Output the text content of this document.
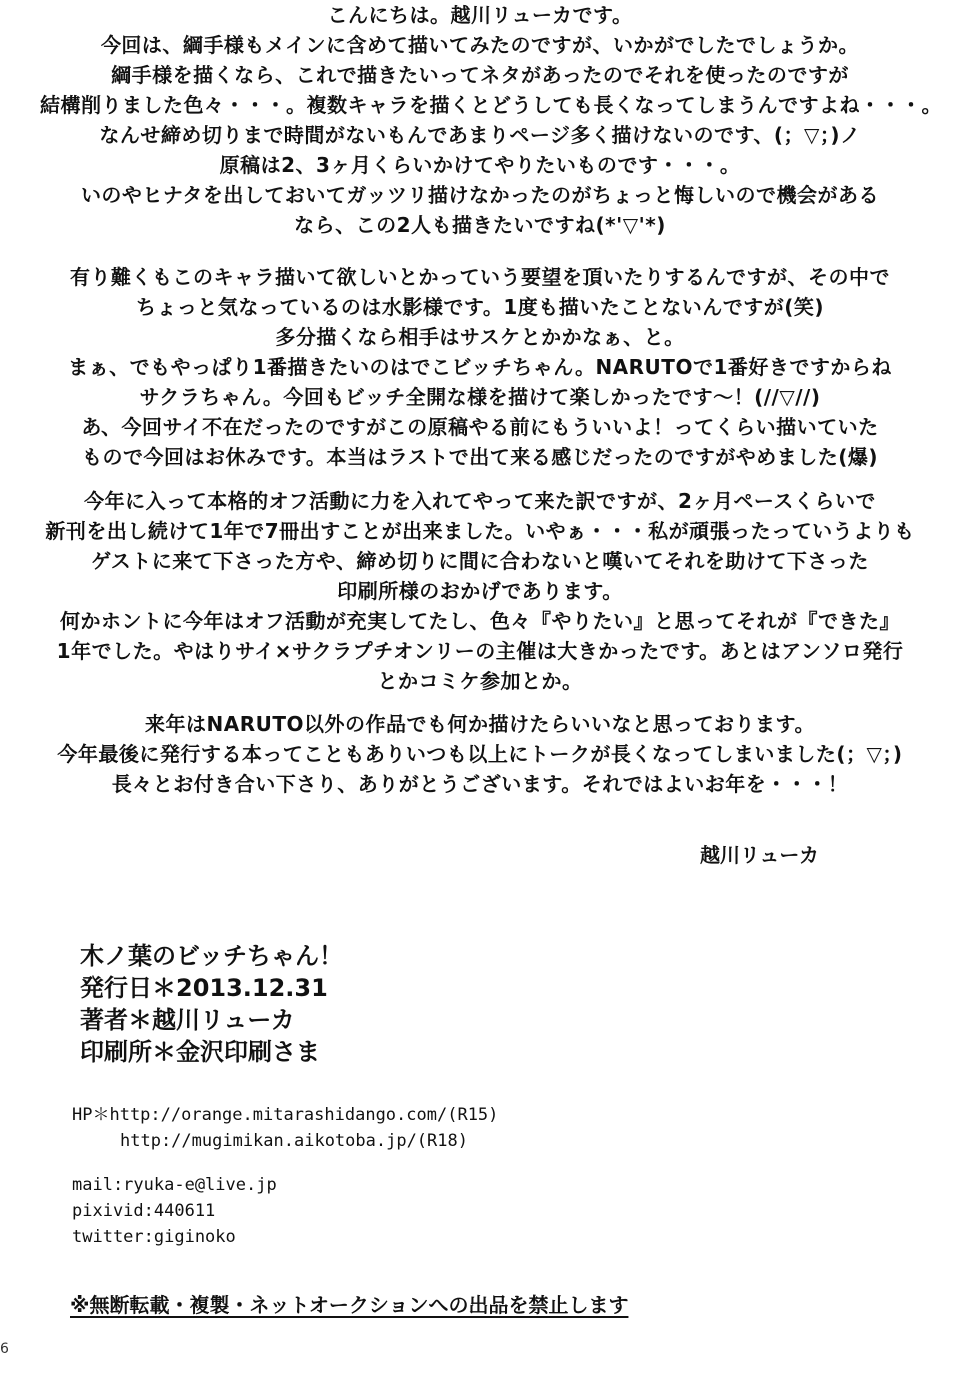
こんにちは。越川リューカです。
今回は、綱手様もメインに含めて描いてみたのですが、いかがでしたでしょうか。
綱手様を描くなら、これで描きたいってネタがあったのでそれを使ったのですが
結構削りました色々・・・。複数キャラを描くとどうしても長くなってしまうんですよね・・・。
なんせ締め切りまで時間がないもんであまりページ多く描けないのです、(；▽；)ノ
原稿は2、3ヶ月くらいかけてやりたいものです・・・。
いのやヒナタを出しておいてガッツリ描けなかったのがちょっと悔しいので機会がある
なら、この2人も描きたいですね(*'▽'*)
有り難くもこのキャラ描いて欲しいとかっていう要望を頂いたりするんですが、その中で
ちょっと気なっているのは水影様です。1度も描いたことないんですが(笑)
多分描くなら相手はサスケとかかなぁ、と。
まぁ、でもやっぱり1番描きたいのはでこビッチちゃん。NARUTOで1番好きですからね
サクラちゃん。今回もビッチ全開な様を描けて楽しかったです～！(//▽//)
あ、今回サイ不在だったのですがこの原稿やる前にもういいよ！ってくらい描いていた
もので今回はお休みです。本当はラストで出て来る感じだったのですがやめました(爆)
今年に入って本格的オフ活動に力を入れてやって来た訳ですが、2ヶ月ペースくらいで
新刊を出し続けて1年で7冊出すことが出来ました。いやぁ・・・私が頑張ったっていうよりも
ゲストに来て下さった方や、締め切りに間に合わないと嘆いてそれを助けて下さった
印刷所様のおかげであります。
何かホントに今年はオフ活動が充実してたし、色々『やりたい』と思ってそれが『できた』
1年でした。やはりサイ×サクラプチオンリーの主催は大きかったです。あとはアンソロ発行
とかコミケ参加とか。
来年はNARUTO以外の作品でも何か描けたらいいなと思っております。
今年最後に発行する本ってこともありいつも以上にトークが長くなってしまいました(；▽；)
長々とお付き合い下さり、ありがとうございます。それではよいお年を・・・！
越川リューカ
木ノ葉のビッチちゃん！
発行日＊2013.12.31
著者＊越川リューカ
印刷所＊金沢印刷さま
HP＊http://orange.mitarashidango.com/(R15)
http://mugimikan.aikotoba.jp/(R18)
mail:ryuka-e@live.jp
pixivid:440611
twitter:giginoko
※無断転載・複製・ネットオークションへの出品を禁止します
6
